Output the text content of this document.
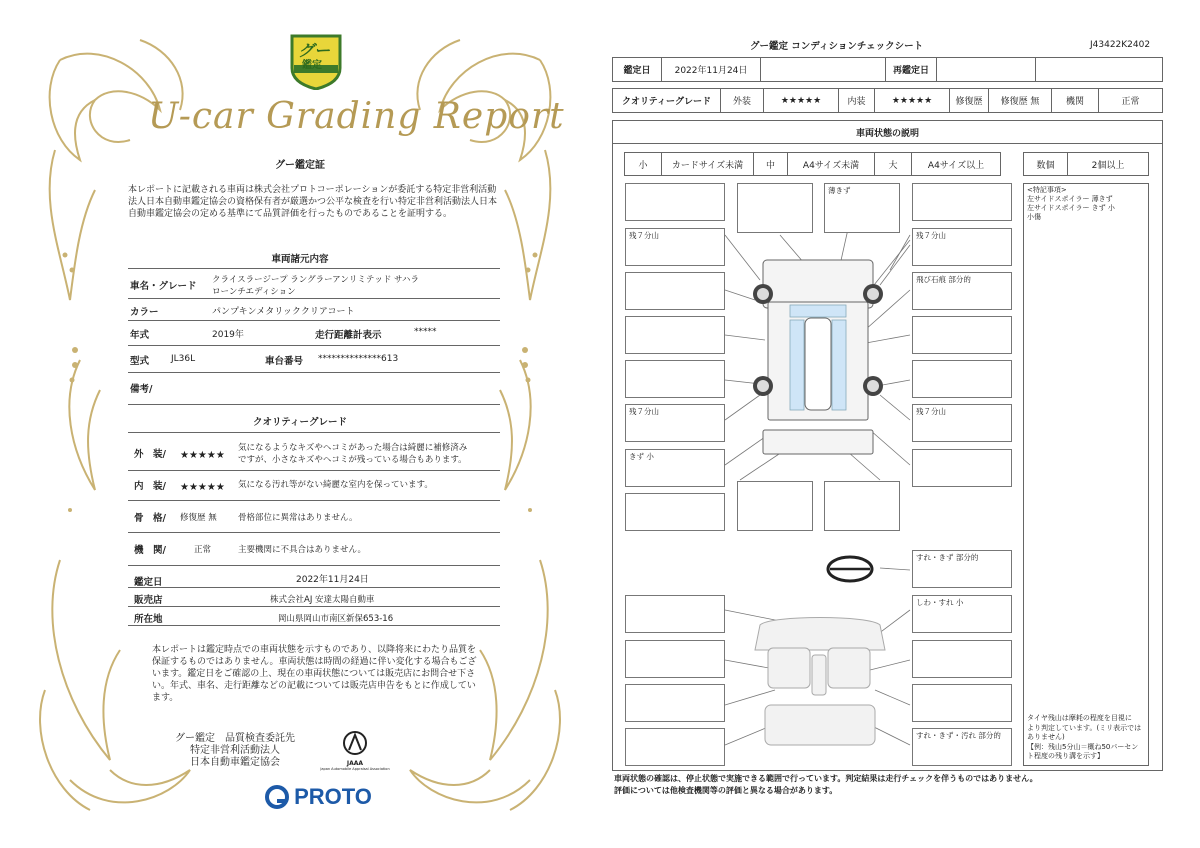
グー
鑑定
U-car Grading Report
グー鑑定証
本レポートに記載される車両は株式会社プロトコーポレーションが委託する特定非営利活動法人日本自動車鑑定協会の資格保有者が厳選かつ公平な検査を行い特定非営利活動法人日本自動車鑑定協会の定める基準にて品質評価を行ったものであることを証明する。
車両諸元内容
車名・グレード
クライスラージープ ラングラーアンリミテッド サハラ
ローンチエディション
カラー	パンプキンメタリッククリアコート
年式	2019年	走行距離計表示	*****
型式 JL36L	車台番号 **************613
備考/
クオリティーグレード
外　装/ ★★★★★
気になるようなキズやヘコミがあった場合は綺麗に補修済み
ですが、小さなキズやヘコミが残っている場合もあります。
内　装/ ★★★★★ 気になる汚れ等がない綺麗な室内を保っています。
骨　格/ 修復歴 無	骨格部位に異常はありません。
機　関/	正常	主要機関に不具合はありません。
鑑定日	2022年11月24日
販売店	株式会社AJ 安達太陽自動車
所在地	岡山県岡山市南区新保653-16
本レポートは鑑定時点での車両状態を示すものであり、以降将来にわたり品質を保証するものではありません。車両状態は時間の経過に伴い変化する場合もございます。鑑定日をご確認の上、現在の車両状態については販売店にお問合せ下さい。年式、車名、走行距離などの記載については販売店申告をもとに作成しています。
グー鑑定　品質検査委託先
特定非営利活動法人
日本自動車鑑定協会	JAAA
Japan Automobile Appraisal Association
PROTO
グー鑑定 コンディションチェックシート	J43422K2402
鑑定日	2022年11月24日	再鑑定日
クオリティーグレード	外装	★★★★★	内装	★★★★★	修復歴	修復歴 無	機関	正常
車両状態の説明
小	カードサイズ未満	中	A4サイズ未満	大	A4サイズ以上	数個	2個以上
<特記事項>
左サイドスポイラー 薄きず
左サイドスポイラー きず 小
小傷
タイヤ残山は摩耗の程度を目視に
より判定しています。(ミリ表示では
ありません)
【例：残山5分山＝概ね50パーセン
ト程度の残り溝を示す】
残７分山
残７分山
きず 小
薄きず
残７分山
飛び石痕 部分的
残７分山
すれ・きず 部分的
しわ・すれ 小
すれ・きず・汚れ 部分的
車両状態の確認は、停止状態で実施できる範囲で行っています。判定結果は走行チェックを伴うものではありません。
評価については他検査機関等の評価と異なる場合があります。
